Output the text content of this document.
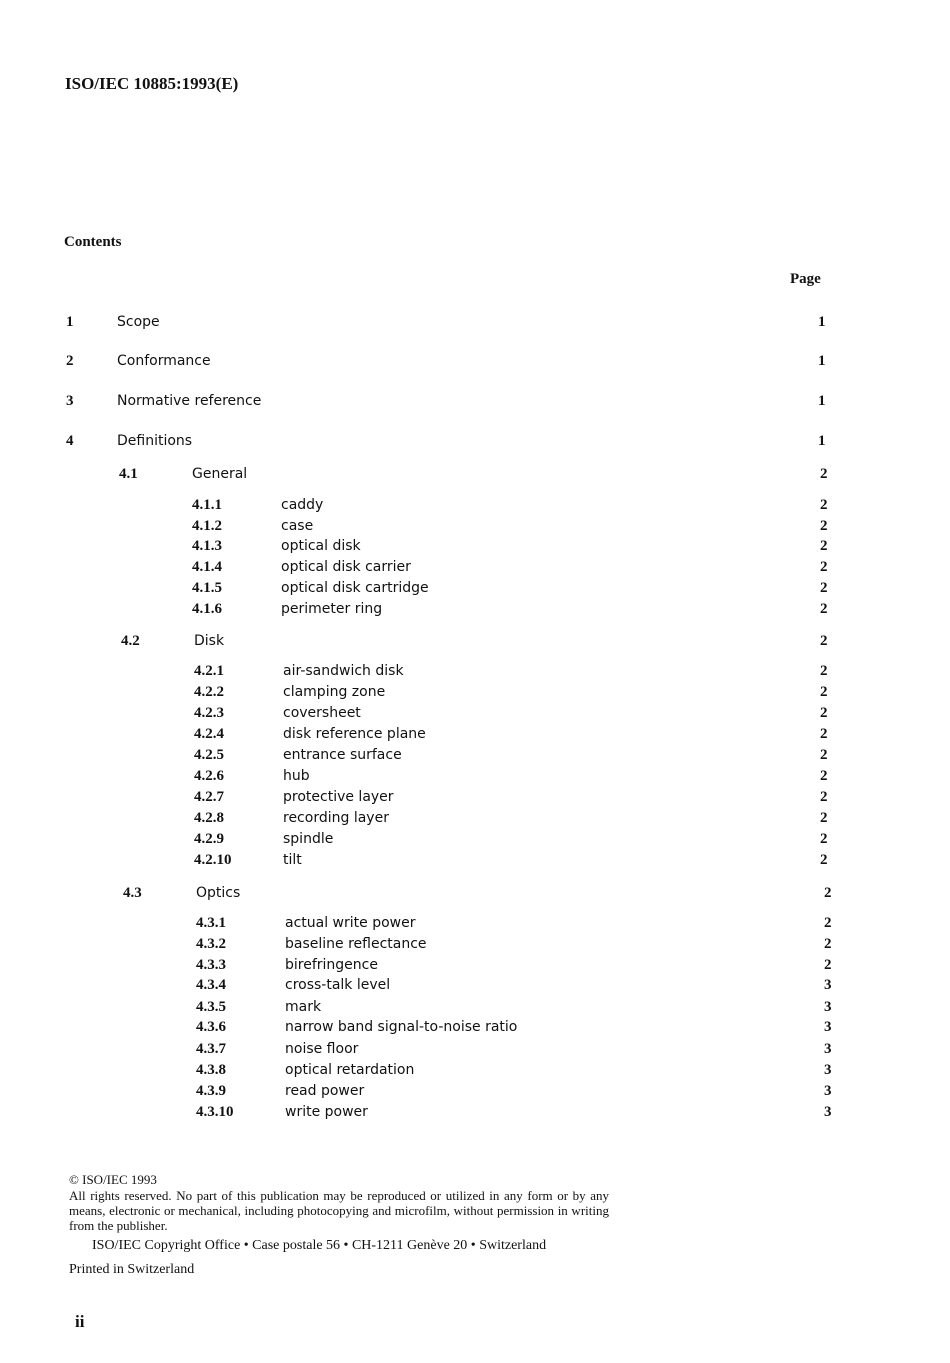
ISO/IEC 10885:1993(E)
Contents
Page
1	Scope	1
2	Conformance	1
3	Normative reference	1
4	Definitions	1
4.1	General	2
4.1.1	caddy	2
4.1.2	case	2
4.1.3	optical disk	2
4.1.4	optical disk carrier	2
4.1.5	optical disk cartridge	2
4.1.6	perimeter ring	2
4.2	Disk	2
4.2.1	air-sandwich disk	2
4.2.2	clamping zone	2
4.2.3	coversheet	2
4.2.4	disk reference plane	2
4.2.5	entrance surface	2
4.2.6	hub	2
4.2.7	protective layer	2
4.2.8	recording layer	2
4.2.9	spindle	2
4.2.10	tilt	2
4.3	Optics	2
4.3.1	actual write power	2
4.3.2	baseline reflectance	2
4.3.3	birefringence	2
4.3.4	cross-talk level	3
4.3.5	mark	3
4.3.6	narrow band signal-to-noise ratio	3
4.3.7	noise floor	3
4.3.8	optical retardation	3
4.3.9	read power	3
4.3.10	write power	3
© ISO/IEC 1993
All rights reserved. No part of this publication may be reproduced or utilized in any form or by any means, electronic or mechanical, including photocopying and microfilm, without permission in writing from the publisher.
ISO/IEC Copyright Office • Case postale 56 • CH-1211 Genève 20 • Switzerland
Printed in Switzerland
ii
